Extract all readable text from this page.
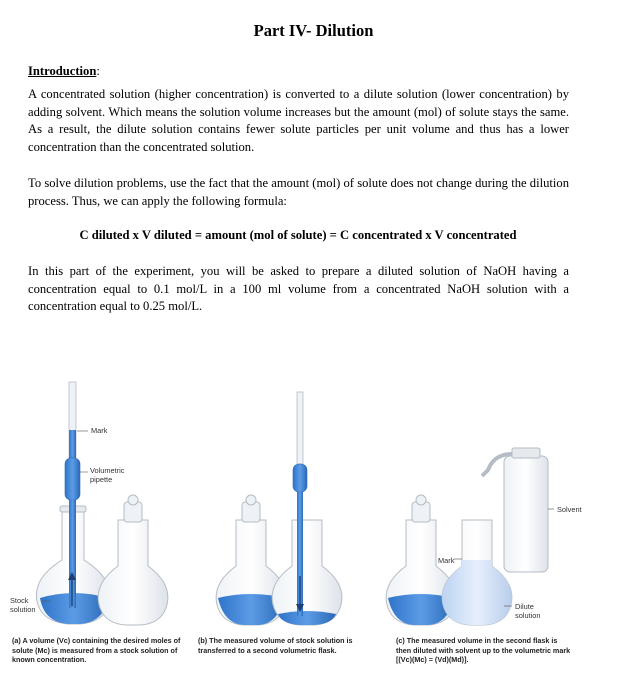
Part IV- Dilution
Introduction:

A concentrated solution (higher concentration) is converted to a dilute solution (lower concentration) by adding solvent. Which means the solution volume increases but the amount (mol) of solute stays the same. As a result, the dilute solution contains fewer solute particles per unit volume and thus has a lower concentration than the concentrated solution.

To solve dilution problems, use the fact that the amount (mol) of solute does not change during the dilution process. Thus, we can apply the following formula:

C diluted x V diluted = amount (mol of solute) = C concentrated x V concentrated

In this part of the experiment, you will be asked to prepare a diluted solution of NaOH having a concentration equal to 0.1 mol/L in a 100 ml volume from a concentrated NaOH solution with a concentration equal to 0.25 mol/L.

Mark
Volumetric pipette
Stock solution
Mark
Solvent
Dilute solution

(a) A volume (Vc) containing the desired moles of solute (Mc) is measured from a stock solution of known concentration.

(b) The measured volume of stock solution is transferred to a second volumetric flask.

(c) The measured volume in the second flask is then diluted with solvent up to the volumetric mark [(Vc)(Mc) = (Vd)(Md)].
